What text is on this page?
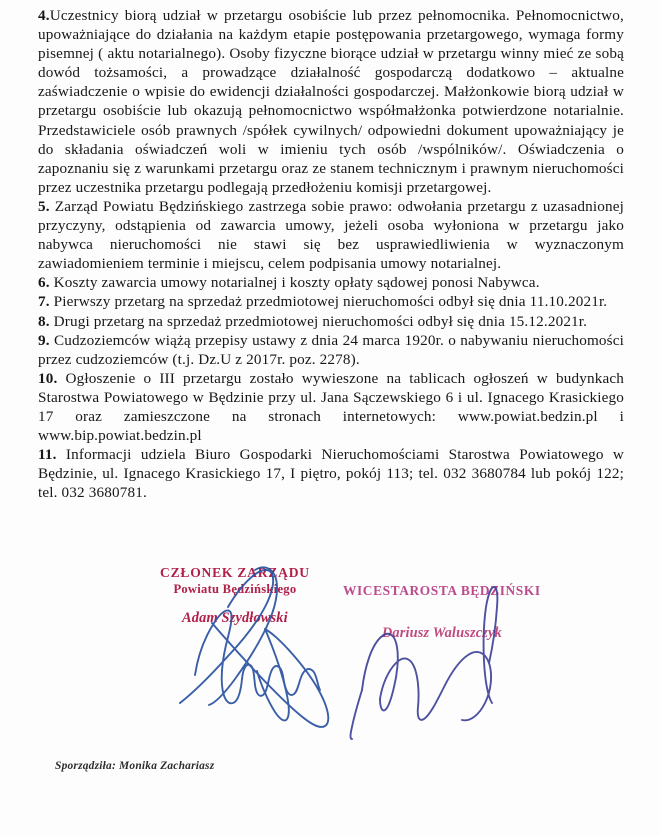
4.Uczestnicy biorą udział w przetargu osobiście lub przez pełnomocnika. Pełnomocnictwo, upoważniające do działania na każdym etapie postępowania przetargowego, wymaga formy pisemnej ( aktu notarialnego). Osoby fizyczne biorące udział w przetargu winny mieć ze sobą dowód tożsamości, a prowadzące działalność gospodarczą dodatkowo – aktualne zaświadczenie o wpisie do ewidencji działalności gospodarczej. Małżonkowie biorą udział w przetargu osobiście lub okazują pełnomocnictwo współmałżonka potwierdzone notarialnie. Przedstawiciele osób prawnych /spółek cywilnych/ odpowiedni dokument upoważniający je do składania oświadczeń woli w imieniu tych osób /wspólników/. Oświadczenia o zapoznaniu się z warunkami przetargu oraz ze stanem technicznym i prawnym nieruchomości przez uczestnika przetargu podlegają przedłożeniu komisji przetargowej.

5. Zarząd Powiatu Będzińskiego zastrzega sobie prawo: odwołania przetargu z uzasadnionej przyczyny, odstąpienia od zawarcia umowy, jeżeli osoba wyłoniona w przetargu jako nabywca nieruchomości nie stawi się bez usprawiedliwienia w wyznaczonym zawiadomieniem terminie i miejscu, celem podpisania umowy notarialnej.

6. Koszty zawarcia umowy notarialnej i koszty opłaty sądowej ponosi Nabywca.

7. Pierwszy przetarg na sprzedaż przedmiotowej nieruchomości odbył się dnia 11.10.2021r.

8. Drugi przetarg na sprzedaż przedmiotowej nieruchomości odbył się dnia 15.12.2021r.

9. Cudzoziemców wiążą przepisy ustawy z dnia 24 marca 1920r. o nabywaniu nieruchomości przez cudzoziemców (t.j. Dz.U z 2017r. poz. 2278).

10. Ogłoszenie o III przetargu zostało wywieszone na tablicach ogłoszeń w budynkach Starostwa Powiatowego w Będzinie przy ul. Jana Sączewskiego 6 i ul. Ignacego Krasickiego 17 oraz zamieszczone na stronach internetowych: www.powiat.bedzin.pl i www.bip.powiat.bedzin.pl

11. Informacji udziela Biuro Gospodarki Nieruchomościami Starostwa Powiatowego w Będzinie, ul. Ignacego Krasickiego 17, I piętro, pokój 113; tel. 032 3680784 lub pokój 122; tel. 032 3680781.

CZŁONEK ZARZĄDU
Powiatu Będzińskiego
Adam Szydłowski
WICESTAROSTA BĘDZIŃSKI
Dariusz Waluszczyk
Sporządziła: Monika Zachariasz
